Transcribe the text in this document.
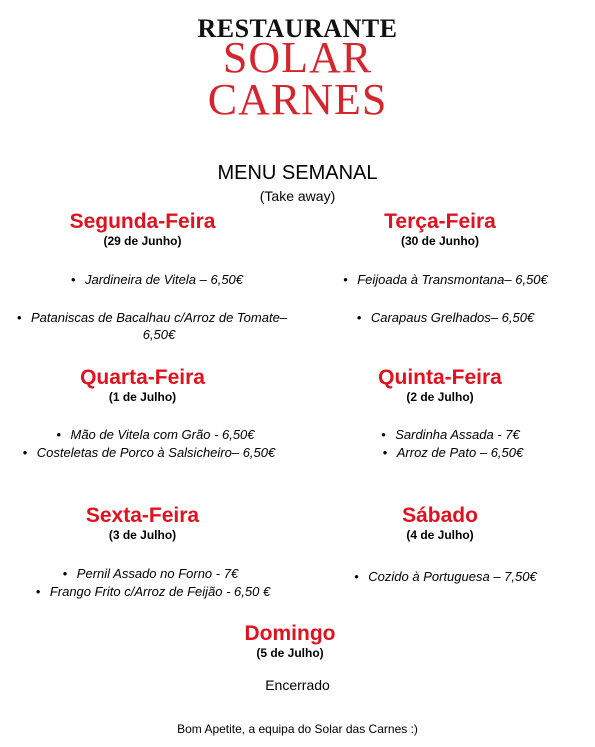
RESTAURANTE
SOLAR
CARNES
MENU SEMANAL
(Take away)
Segunda-Feira
(29 de Junho)
• Jardineira de Vitela – 6,50€
• Pataniscas de Bacalhau c/Arroz de Tomate– 6,50€
Terça-Feira
(30 de Junho)
• Feijoada à Transmontana– 6,50€
• Carapaus Grelhados– 6,50€
Quarta-Feira
(1 de Julho)
• Mão de Vitela com Grão - 6,50€
• Costeletas de Porco à Salsicheiro– 6,50€
Quinta-Feira
(2 de Julho)
• Sardinha Assada - 7€
• Arroz de Pato – 6,50€
Sexta-Feira
(3 de Julho)
• Pernil Assado no Forno - 7€
• Frango Frito c/Arroz de Feijão - 6,50 €
Sábado
(4 de Julho)
• Cozido à Portuguesa – 7,50€
Domingo
(5 de Julho)
Encerrado
Bom Apetite, a equipa do Solar das Carnes :)
